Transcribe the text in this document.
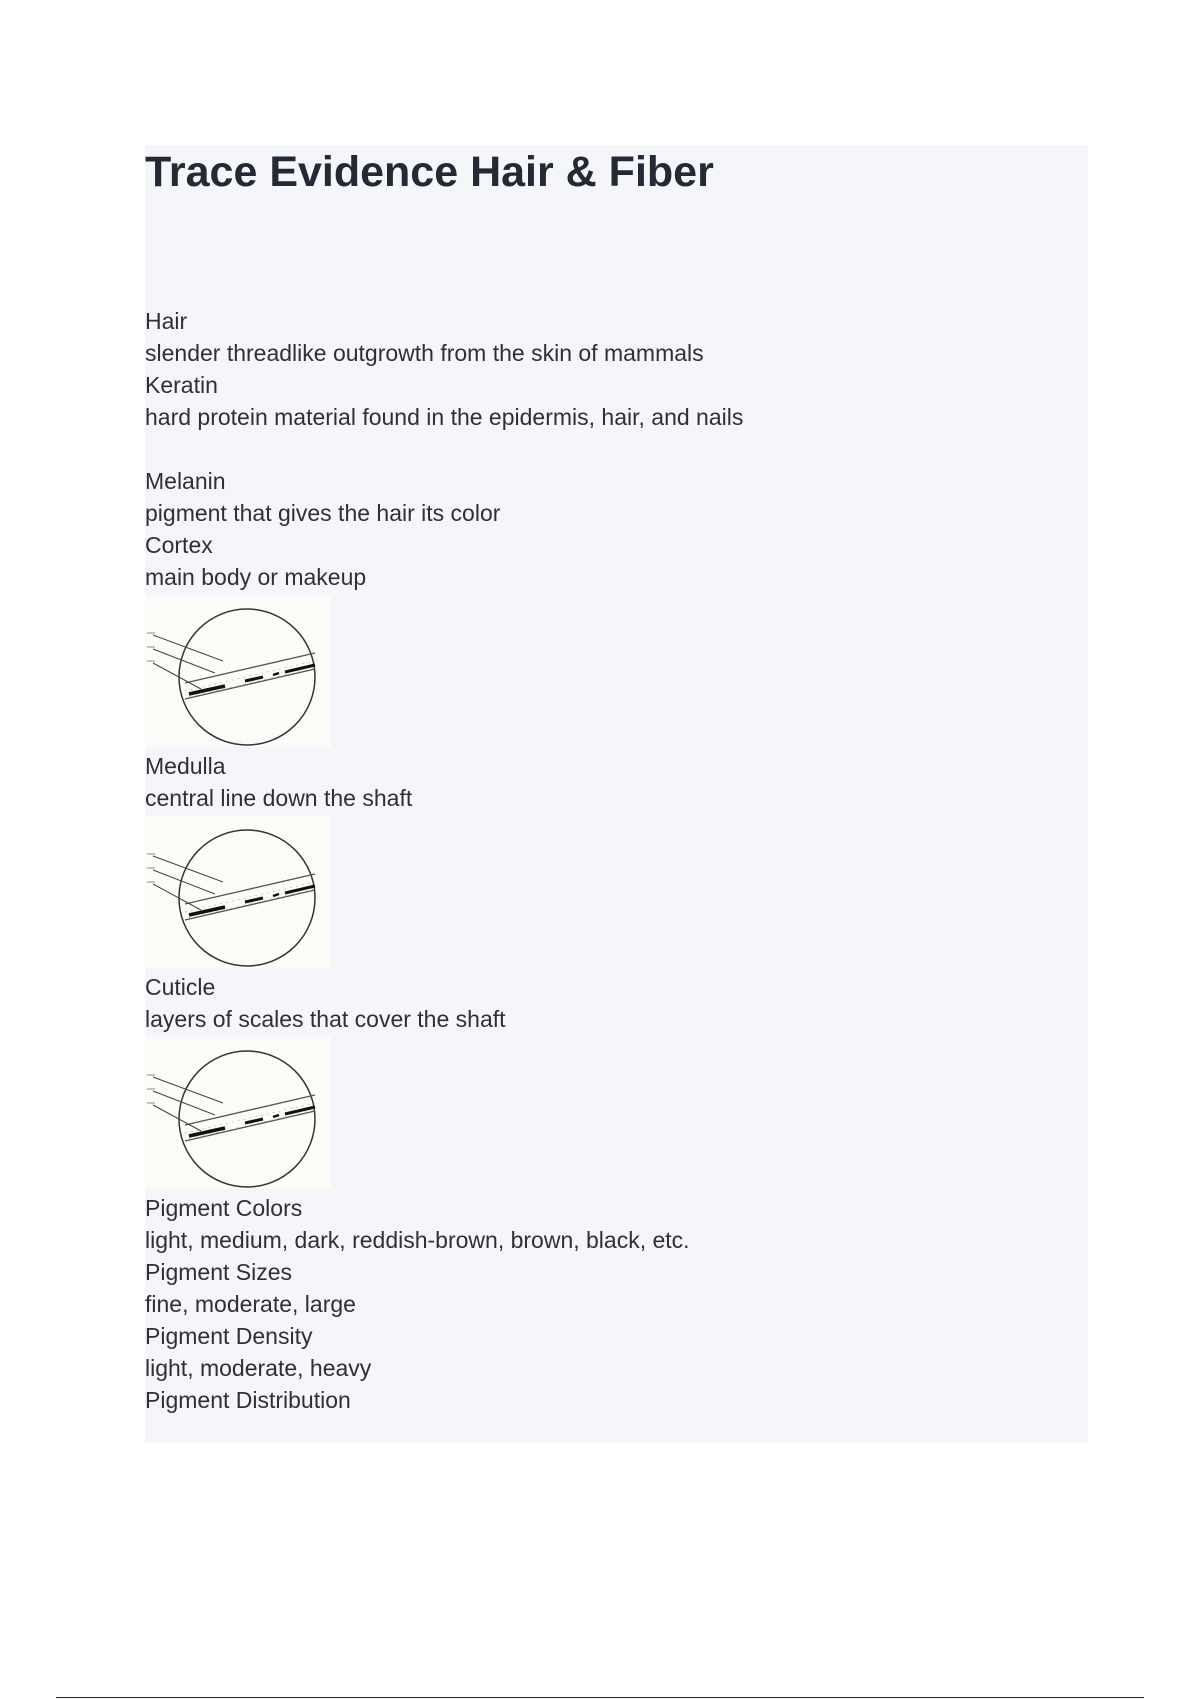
Trace Evidence Hair & Fiber
Hair
slender threadlike outgrowth from the skin of mammals
Keratin
hard protein material found in the epidermis, hair, and nails
Melanin
pigment that gives the hair its color
Cortex
main body or makeup
Medulla
central line down the shaft
Cuticle
layers of scales that cover the shaft
Pigment Colors
light, medium, dark, reddish-brown, brown, black, etc.
Pigment Sizes
fine, moderate, large
Pigment Density
light, moderate, heavy
Pigment Distribution
